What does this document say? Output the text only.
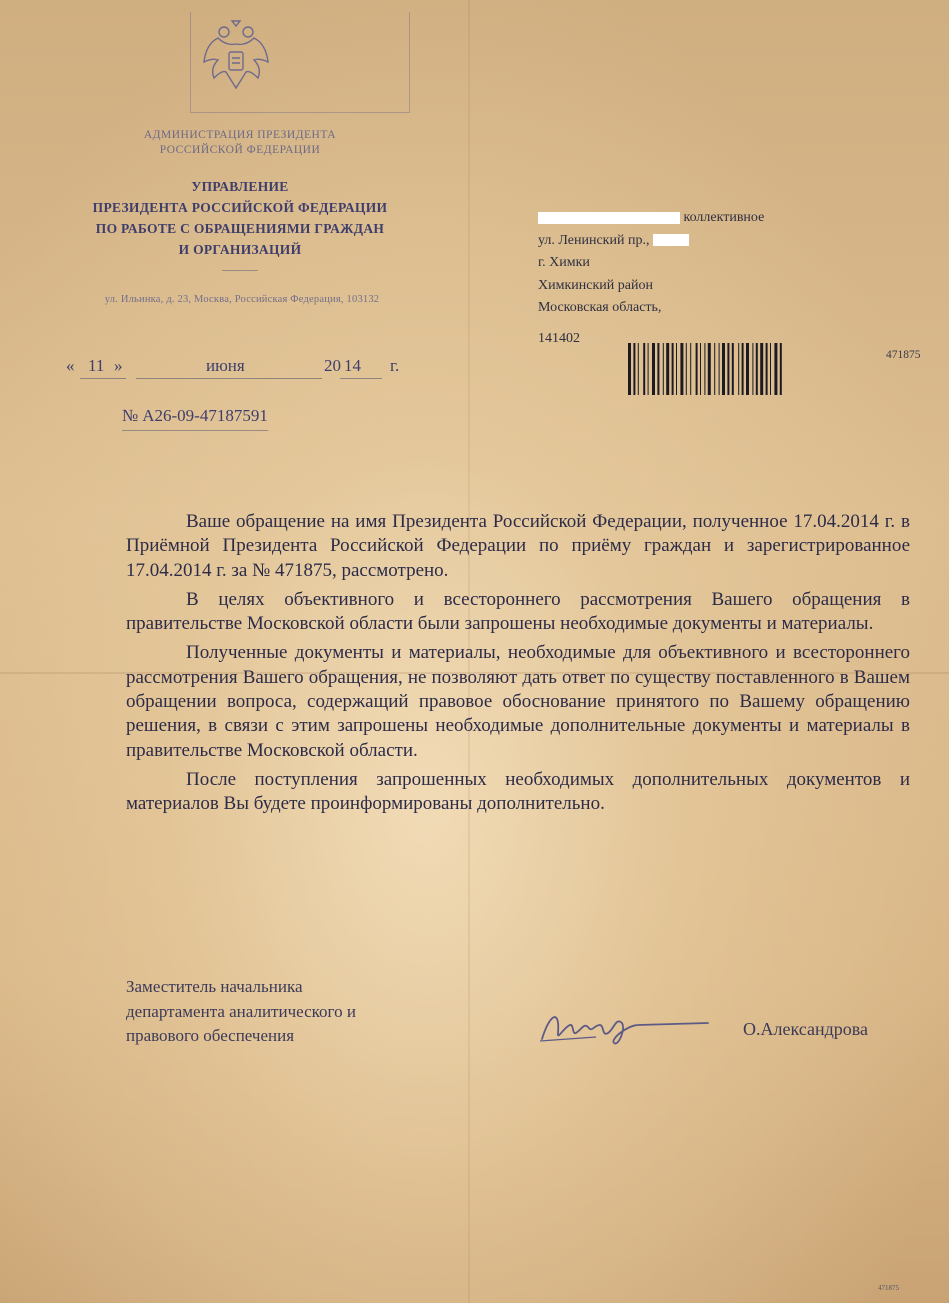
АДМИНИСТРАЦИЯ ПРЕЗИДЕНТА
РОССИЙСКОЙ ФЕДЕРАЦИИ
УПРАВЛЕНИЕ
ПРЕЗИДЕНТА РОССИЙСКОЙ ФЕДЕРАЦИИ
ПО РАБОТЕ С ОБРАЩЕНИЯМИ ГРАЖДАН
И ОРГАНИЗАЦИЙ
ул. Ильинка, д. 23, Москва, Российская Федерация, 103132
коллективное
ул. Ленинский пр.,
г. Химки
Химкинский район
Московская область,
141402
471875
« 11 »	июня	20 14 г.
№ А26-09-47187591

Ваше обращение на имя Президента Российской Федерации, полученное 17.04.2014 г. в Приёмной Президента Российской Федерации по приёму граждан и зарегистрированное 17.04.2014 г. за № 471875, рассмотрено.

В целях объективного и всестороннего рассмотрения Вашего обращения в правительстве Московской области были запрошены необходимые документы и материалы.

Полученные документы и материалы, необходимые для объективного и всестороннего рассмотрения Вашего обращения, не позволяют дать ответ по существу поставленного в Вашем обращении вопроса, содержащий правовое обоснование принятого по Вашему обращению решения, в связи с этим запрошены необходимые дополнительные документы и материалы в правительстве Московской области.

После поступления запрошенных необходимых дополнительных документов и материалов Вы будете проинформированы дополнительно.

Заместитель начальника
департамента аналитического и
правового обеспечения	О.Александрова
471875
